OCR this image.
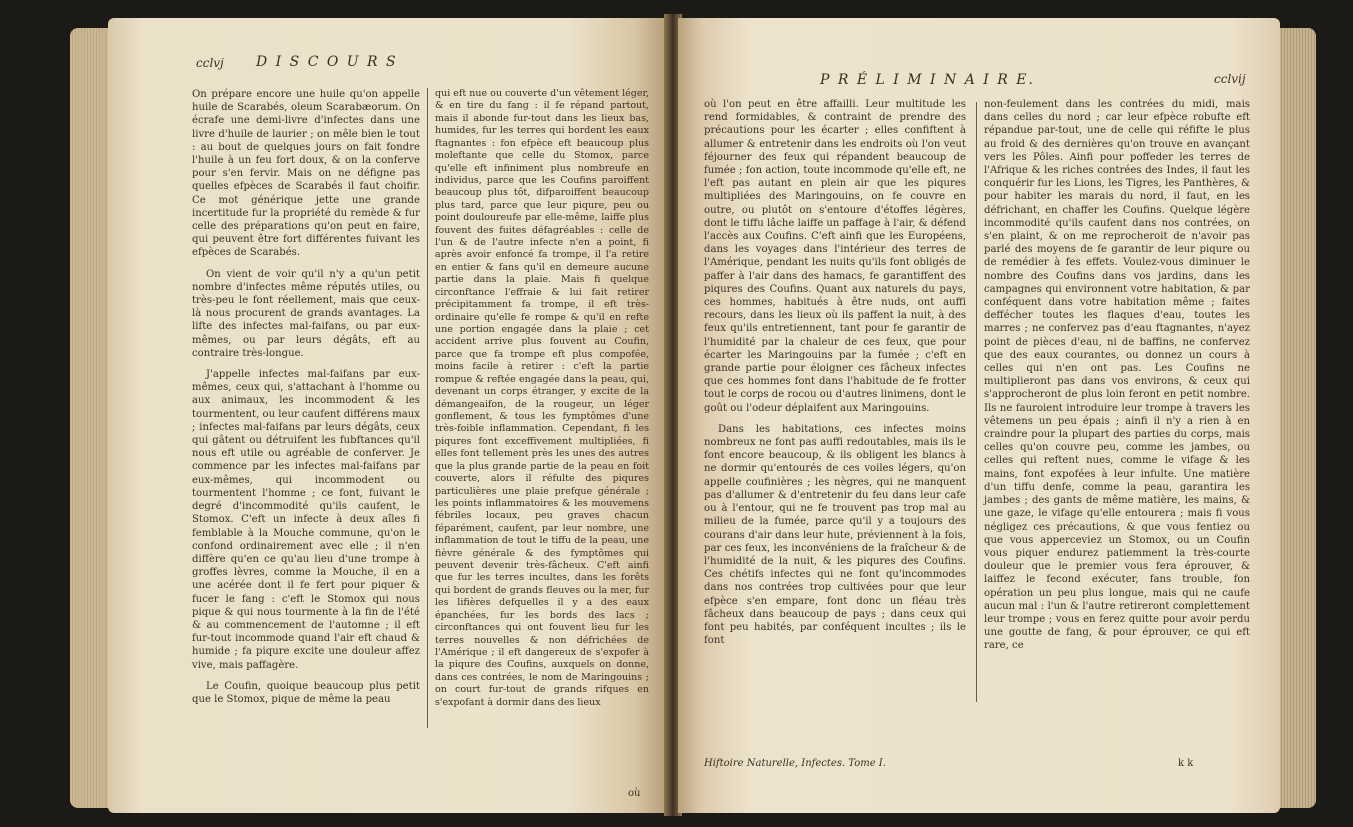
cclvj D I S C O U R S

On prépare encore une huile qu'on appelle huile de Scarabés, oleum Scarabæorum. On écrafe une demi-livre d'infectes dans une livre d'huile de laurier ; on mêle bien le tout : au bout de quelques jours on fait fondre l'huile à un feu fort doux, & on la conferve pour s'en fervir. Mais on ne défigne pas quelles efpèces de Scarabés il faut choifir. Ce mot générique jette une grande incertitude fur la propriété du remède & fur celle des préparations qu'on peut en faire, qui peuvent être fort différentes fuivant les efpèces de Scarabés.

On vient de voir qu'il n'y a qu'un petit nombre d'infectes même réputés utiles, ou très-peu le font réellement, mais que ceux-là nous procurent de grands avantages. La lifte des infectes mal-faifans, ou par eux-mêmes, ou par leurs dégâts, eft au contraire très-longue.

J'appelle infectes mal-faifans par eux-mêmes, ceux qui, s'attachant à l'homme ou aux animaux, les incommodent & les tourmentent, ou leur caufent différens maux ; infectes mal-faifans par leurs dégâts, ceux qui gâtent ou détruifent les fubftances qu'il nous eft utile ou agréable de conferver. Je commence par les infectes mal-faifans par eux-mêmes, qui incommodent ou tourmentent l'homme ; ce font, fuivant le degré d'incommodité qu'ils caufent, le Stomox. C'eft un infecte à deux aîles fi femblable à la Mouche commune, qu'on le confond ordinairement avec elle ; il n'en diffère qu'en ce qu'au lieu d'une trompe à groffes lèvres, comme la Mouche, il en a une acérée dont il fe fert pour piquer & fucer le fang : c'eft le Stomox qui nous pique & qui nous tourmente à la fin de l'été & au commencement de l'automne ; il eft fur-tout incommode quand l'air eft chaud & humide ; fa piqure excite une douleur affez vive, mais paffagère.

Le Coufin, quoique beaucoup plus petit que le Stomox, pique de même la peau

qui eft nue ou couverte d'un vêtement léger, & en tire du fang : il fe répand partout, mais il abonde fur-tout dans les lieux bas, humides, fur les terres qui bordent les eaux ftagnantes : fon efpèce eft beaucoup plus moleftante que celle du Stomox, parce qu'elle eft infiniment plus nombreufe en individus, parce que les Coufins paroiffent beaucoup plus tôt, difparoiffent beaucoup plus tard, parce que leur piqure, peu ou point douloureufe par elle-même, laiffe plus fouvent des fuites défagréables : celle de l'un & de l'autre infecte n'en a point, fi après avoir enfoncé fa trompe, il l'a retire en entier & fans qu'il en demeure aucune partie dans la plaie. Mais fi quelque circonftance l'effraie & lui fait retirer précipitamment fa trompe, il eft très-ordinaire qu'elle fe rompe & qu'il en refte une portion engagée dans la plaie ; cet accident arrive plus fouvent au Coufin, parce que fa trompe eft plus compofée, moins facile à retirer : c'eft la partie rompue & reftée engagée dans la peau, qui, devenant un corps étranger, y excite de la démangeaifon, de la rougeur, un léger gonflement, & tous les fymptômes d'une très-foible inflammation. Cependant, fi les piqures font exceffivement multipliées, fi elles font tellement près les unes des autres que la plus grande partie de la peau en foit couverte, alors il réfulte des piqures particulières une plaie prefque générale ; les points inflammatoires & les mouvemens fébriles locaux, peu graves chacun féparément, caufent, par leur nombre, une inflammation de tout le tiffu de la peau, une fièvre générale & des fymptômes qui peuvent devenir très-fâcheux. C'eft ainfi que fur les terres incultes, dans les forêts qui bordent de grands fleuves ou la mer, fur les lifières defquelles il y a des eaux épanchées, fur les bords des lacs ; circonftances qui ont fouvent lieu fur les terres nouvelles & non défrichées de l'Amérique ; il eft dangereux de s'expofer à la piqure des Coufins, auxquels on donne, dans ces contrées, le nom de Maringouins ; on court fur-tout de grands rifques en s'expofant à dormir dans des lieux

où
P R É L I M I N A I R E.	cclvij

où l'on peut en être affailli. Leur multitude les rend formidables, & contraint de prendre des précautions pour les écarter ; elles confiftent à allumer & entretenir dans les endroits où l'on veut féjourner des feux qui répandent beaucoup de fumée ; fon action, toute incommode qu'elle eft, ne l'eft pas autant en plein air que les piqures multipliées des Maringouins, on fe couvre en outre, ou plutôt on s'entoure d'étoffes légères, dont le tiffu lâche laiffe un paffage à l'air, & défend l'accès aux Coufins. C'eft ainfi que les Européens, dans les voyages dans l'intérieur des terres de l'Amérique, pendant les nuits qu'ils font obligés de paffer à l'air dans des hamacs, fe garantiffent des piqures des Coufins. Quant aux naturels du pays, ces hommes, habitués à être nuds, ont auffi recours, dans les lieux où ils paffent la nuit, à des feux qu'ils entretiennent, tant pour fe garantir de l'humidité par la chaleur de ces feux, que pour écarter les Maringouins par la fumée ; c'eft en grande partie pour éloigner ces fâcheux infectes que ces hommes font dans l'habitude de fe frotter tout le corps de rocou ou d'autres linimens, dont le goût ou l'odeur déplaifent aux Maringouins.

Dans les habitations, ces infectes moins nombreux ne font pas auffi redoutables, mais ils le font encore beaucoup, & ils obligent les blancs à ne dormir qu'entourés de ces voiles légers, qu'on appelle coufinières ; les nègres, qui ne manquent pas d'allumer & d'entretenir du feu dans leur cafe ou à l'entour, qui ne fe trouvent pas trop mal au milieu de la fumée, parce qu'il y a toujours des courans d'air dans leur hute, préviennent à la fois, par ces feux, les inconvéniens de la fraîcheur & de l'humidité de la nuit, & les piqures des Coufins. Ces chétifs infectes qui ne font qu'incommodes dans nos contrées trop cultivées pour que leur efpèce s'en empare, font donc un fléau très fâcheux dans beaucoup de pays ; dans ceux qui font peu habités, par conféquent incultes ; ils le font

non-feulement dans les contrées du midi, mais dans celles du nord ; car leur efpèce robufte eft répandue par-tout, une de celle qui réfifte le plus au froid & des dernières qu'on trouve en avançant vers les Pôles. Ainfi pour poffeder les terres de l'Afrique & les riches contrées des Indes, il faut les conquérir fur les Lions, les Tigres, les Panthères, & pour habiter les marais du nord, il faut, en les défrichant, en chaffer les Coufins. Quelque légère incommodité qu'ils caufent dans nos contrées, on s'en plaint, & on me reprocheroit de n'avoir pas parlé des moyens de fe garantir de leur piqure ou de remédier à fes effets. Voulez-vous diminuer le nombre des Coufins dans vos jardins, dans les campagnes qui environnent votre habitation, & par conféquent dans votre habitation même ; faites deffécher toutes les flaques d'eau, toutes les marres ; ne confervez pas d'eau ftagnantes, n'ayez point de pièces d'eau, ni de baffins, ne confervez que des eaux courantes, ou donnez un cours à celles qui n'en ont pas. Les Coufins ne multiplieront pas dans vos environs, & ceux qui s'approcheront de plus loin feront en petit nombre. Ils ne fauroient introduire leur trompe à travers les vêtemens un peu épais ; ainfi il n'y a rien à en craindre pour la plupart des parties du corps, mais celles qu'on couvre peu, comme les jambes, ou celles qui reftent nues, comme le vifage & les mains, font expofées à leur infulte. Une matière d'un tiffu denfe, comme la peau, garantira les jambes ; des gants de même matière, les mains, & une gaze, le vifage qu'elle entourera ; mais fi vous négligez ces précautions, & que vous fentiez ou que vous apperceviez un Stomox, ou un Coufin vous piquer endurez patiemment la très-courte douleur que le premier vous fera éprouver, & laiffez le fecond exécuter, fans trouble, fon opération un peu plus longue, mais qui ne caufe aucun mal : l'un & l'autre retireront complettement leur trompe ; vous en ferez quitte pour avoir perdu une goutte de fang, & pour éprouver, ce qui eft rare, ce

Hiftoire Naturelle, Infectes. Tome I.	k k
